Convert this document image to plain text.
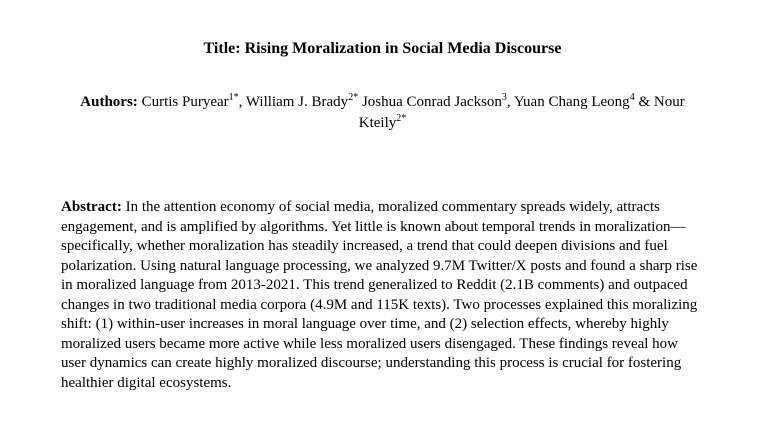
Title: Rising Moralization in Social Media Discourse

Authors: Curtis Puryear$^{1*}$, William J. Brady$^{2*}$ Joshua Conrad Jackson$^3$, Yuan Chang Leong$^4$ & Nour Kteily$^{2*}$

Abstract: In the attention economy of social media, moralized commentary spreads widely, attracts engagement, and is amplified by algorithms. Yet little is known about temporal trends in moralization—specifically, whether moralization has steadily increased, a trend that could deepen divisions and fuel polarization. Using natural language processing, we analyzed 9.7M Twitter/X posts and found a sharp rise in moralized language from 2013-2021. This trend generalized to Reddit (2.1B comments) and outpaced changes in two traditional media corpora (4.9M and 115K texts). Two processes explained this moralizing shift: (1) within-user increases in moral language over time, and (2) selection effects, whereby highly moralized users became more active while less moralized users disengaged. These findings reveal how user dynamics can create highly moralized discourse; understanding this process is crucial for fostering healthier digital ecosystems.
